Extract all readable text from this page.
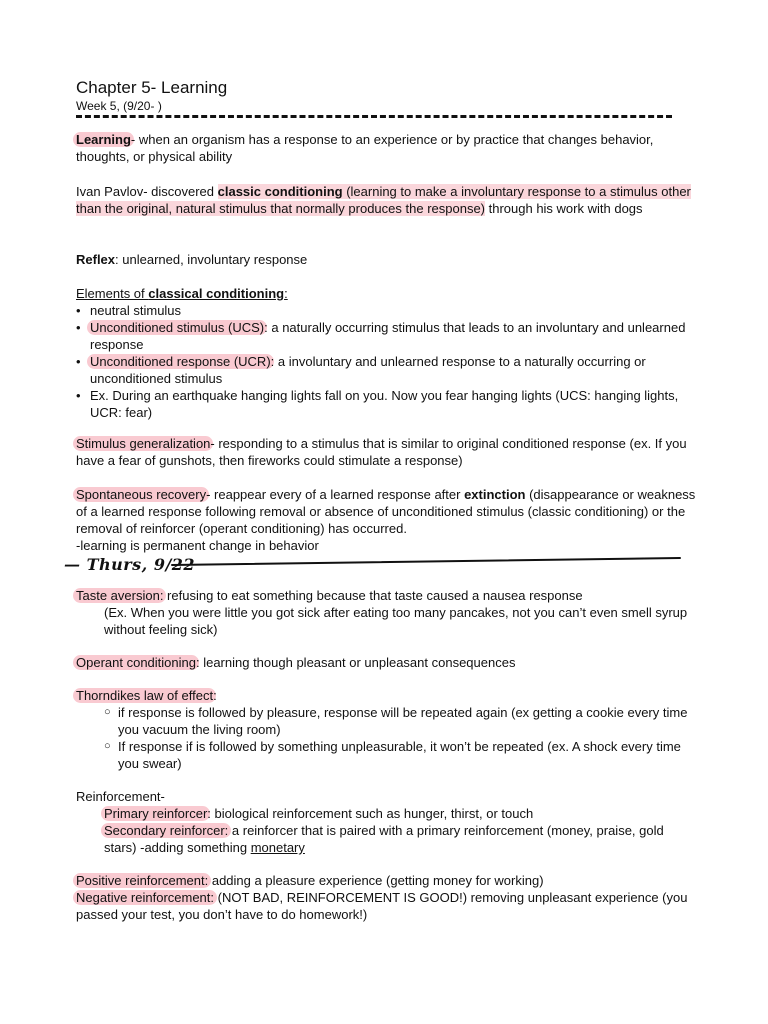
Chapter 5- Learning
Week 5, (9/20- )

Learning- when an organism has a response to an experience or by practice that changes behavior, thoughts, or physical ability

Ivan Pavlov- discovered classic conditioning (learning to make a involuntary response to a stimulus other than the original, natural stimulus that normally produces the response) through his work with dogs

Reflex: unlearned, involuntary response

Elements of classical conditioning:
• neutral stimulus
• Unconditioned stimulus (UCS): a naturally occurring stimulus that leads to an involuntary and unlearned response
• Unconditioned response (UCR): a involuntary and unlearned response to a naturally occurring or unconditioned stimulus
• Ex. During an earthquake hanging lights fall on you. Now you fear hanging lights (UCS: hanging lights, UCR: fear)

Stimulus generalization- responding to a stimulus that is similar to original conditioned response (ex. If you have a fear of gunshots, then fireworks could stimulate a response)

Spontaneous recovery- reappear every of a learned response after extinction (disappearance or weakness of a learned response following removal or absence of unconditioned stimulus (classic conditioning) or the removal of reinforcer (operant conditioning) has occurred.
-learning is permanent change in behavior
— Thurs, 9/22
Taste aversion: refusing to eat something because that taste caused a nausea response
(Ex. When you were little you got sick after eating too many pancakes, not you can’t even smell syrup without feeling sick)

Operant conditioning: learning though pleasant or unpleasant consequences

Thorndikes law of effect:
○ if response is followed by pleasure, response will be repeated again (ex getting a cookie every time you vacuum the living room)
○ If response if is followed by something unpleasurable, it won’t be repeated (ex. A shock every time you swear)
Reinforcement-
Primary reinforcer: biological reinforcement such as hunger, thirst, or touch
Secondary reinforcer: a reinforcer that is paired with a primary reinforcement (money, praise, gold stars) -adding something monetary
Positive reinforcement: adding a pleasure experience (getting money for working)
Negative reinforcement: (NOT BAD, REINFORCEMENT IS GOOD!) removing unpleasant experience (you passed your test, you don’t have to do homework!)
